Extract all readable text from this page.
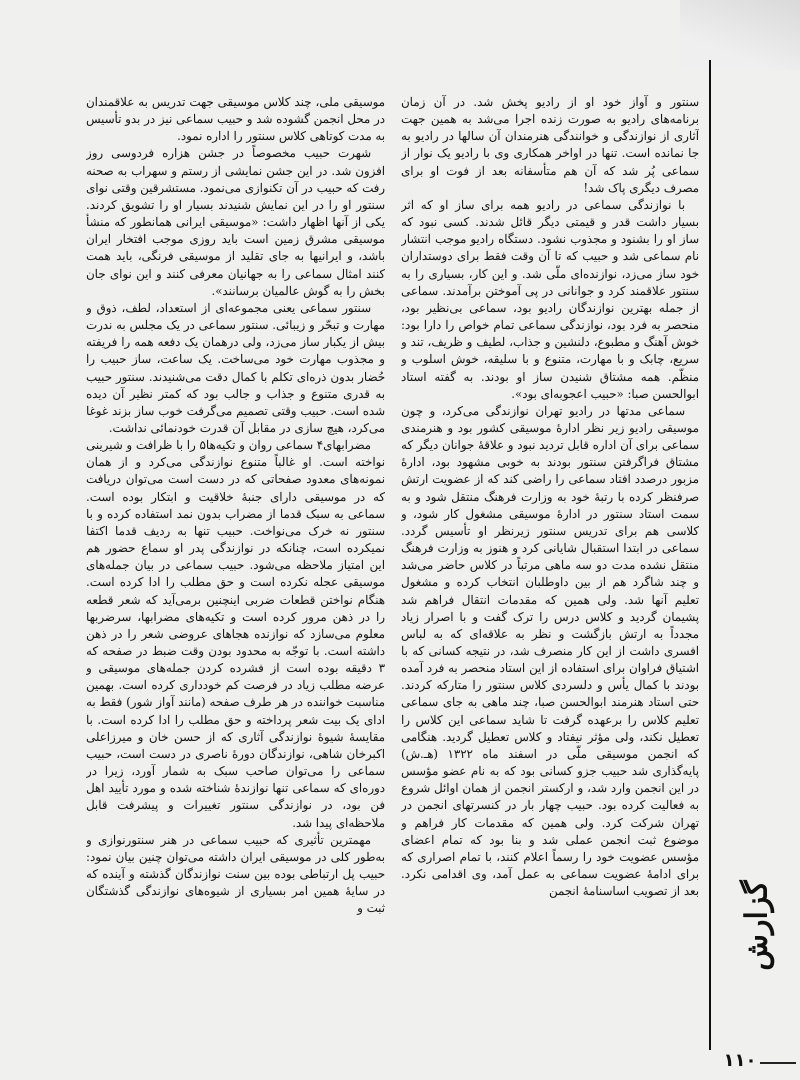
سنتور و آواز خود او از رادیو پخش شد. در آن زمان برنامه‌های رادیو به صورت زنده اجرا می‌شد به همین جهت آثاری از نوازندگی و خوانندگی هنرمندان آن سالها در رادیو به جا نمانده است. تنها در اواخر همکاری وی با رادیو یک نوار از سماعی پُر شد که آن هم متأسفانه بعد از فوت او برای مصرف دیگری پاک شد!

با نوازندگی سماعی در رادیو همه برای ساز او که اثر بسیار داشت قدر و قیمتی دیگر قائل شدند. کسی نبود که ساز او را بشنود و مجذوب نشود. دستگاه رادیو موجب انتشار نام سماعی شد و حبیب که تا آن وقت فقط برای دوستداران خود ساز می‌زد، نوازنده‌ای ملّی شد. و این کار، بسیاری را به سنتور علاقمند کرد و جوانانی در پی آموختن برآمدند. سماعی از جمله بهترین نوازندگان رادیو بود، سماعی بی‌نظیر بود، منحصر به فرد بود، نوازندگی سماعی تمام خواص را دارا بود: خوش آهنگ و مطبوع، دلنشین و جذاب، لطیف و ظریف، تند و سریع، چابک و با مهارت، متنوع و با سلیقه، خوش اسلوب و منظّم. همه مشتاق شنیدن ساز او بودند. به گفته استاد ابوالحسن صبا: «حبیب اعجوبه‌ای بود».

سماعی مدتها در رادیو تهران نوازندگی می‌کرد، و چون موسیقی رادیو زیر نظر ادارهٔ موسیقی کشور بود و هنرمندی سماعی برای آن اداره قابل تردید نبود و علاقهٔ جوانان دیگر که مشتاق فراگرفتن سنتور بودند به خوبی مشهود بود، ادارهٔ مزبور درصدد افتاد سماعی را راضی کند که از عضویت ارتش صرفنظر کرده با رتبهٔ خود به وزارت فرهنگ منتقل شود و به سمت استاد سنتور در ادارهٔ موسیقی مشغول کار شود، و کلاسی هم برای تدریس سنتور زیرنظر او تأسیس گردد. سماعی در ابتدا استقبال شایانی کرد و هنوز به وزارت فرهنگ منتقل نشده مدت دو سه ماهی مرتباً در کلاس حاضر می‌شد و چند شاگرد هم از بین داوطلبان انتخاب کرده و مشغول تعلیم آنها شد. ولی همین که مقدمات انتقال فراهم شد پشیمان گردید و کلاس درس را ترک گفت و با اصرار زیاد مجدداً به ارتش بازگشت و نظر به علاقه‌ای که به لباس افسری داشت از این کار منصرف شد، در نتیجه کسانی که با اشتیاق فراوان برای استفاده از این استاد منحصر به فرد آمده بودند با کمال یأس و دلسردی کلاس سنتور را متارکه کردند. حتی استاد هنرمند ابوالحسن صبا، چند ماهی به جای سماعی تعلیم کلاس را برعهده گرفت تا شاید سماعی این کلاس را تعطیل نکند، ولی مؤثر نیفتاد و کلاس تعطیل گردید. هنگامی که انجمن موسیقی ملّی در اسفند ماه ۱۳۲۲ (هـ.ش) پایه‌گذاری شد حبیب جزو کسانی بود که به نام عضو مؤسس در این انجمن وارد شد، و ارکستر انجمن از همان اوائل شروع به فعالیت کرده بود. حبیب چهار بار در کنسرتهای انجمن در تهران شرکت کرد. ولی همین که مقدمات کار فراهم و موضوع ثبت انجمن عملی شد و بنا بود که تمام اعضای مؤسس عضویت خود را رسماً اعلام کنند، با تمام اصراری که برای ادامهٔ عضویت سماعی به عمل آمد، وی اقدامی نکرد. بعد از تصویب اساسنامهٔ انجمن

موسیقی ملی، چند کلاس موسیقی جهت تدریس به علاقمندان در محل انجمن گشوده شد و حبیب سماعی نیز در بدو تأسیس به مدت کوتاهی کلاس سنتور را اداره نمود.

شهرت حبیب مخصوصاً در جشن هزاره فردوسی روز افزون شد. در این جشن نمایشی از رستم و سهراب به صحنه رفت که حبیب در آن تکنوازی می‌نمود. مستشرقین وقتی نوای سنتور او را در این نمایش شنیدند بسیار او را تشویق کردند. یکی از آنها اظهار داشت: «موسیقی ایرانی همانطور که منشأ موسیقی مشرق زمین است باید روزی موجب افتخار ایران باشد، و ایرانیها به جای تقلید از موسیقی فرنگی، باید همت کنند امثال سماعی را به جهانیان معرفی کنند و این نوای جان بخش را به گوش عالمیان برسانند».

سنتور سماعی یعنی مجموعه‌ای از استعداد، لطف، ذوق و مهارت و تبحّر و زیبائی. سنتور سماعی در یک مجلس به ندرت بیش از یکبار ساز می‌زد، ولی درهمان یک دفعه همه را فریفته و مجذوب مهارت خود می‌ساخت. یک ساعت، ساز حبیب را حُضار بدون ذره‌ای تکلم با کمال دقت می‌شنیدند. سنتور حبیب به قدری متنوع و جذاب و جالب بود که کمتر نظیر آن دیده شده است. حبیب وقتی تصمیم می‌گرفت خوب ساز بزند غوغا می‌کرد، هیچ سازی در مقابل آن قدرت خودنمائی نداشت.

مضرابهای۴ سماعی روان و تکیه‌ها۵ را با ظرافت و شیرینی نواخته است. او غالباً متنوع نوازندگی می‌کرد و از همان نمونه‌های معدود صفحاتی که در دست است می‌توان دریافت که در موسیقی دارای جنبهٔ خلاقیت و ابتکار بوده است. سماعی به سبک قدما از مضراب بدون نمد استفاده کرده و با سنتور نه خرک می‌نواخت. حبیب تنها به ردیف قدما اکتفا نمیکرده است، چنانکه در نوازندگی پدر او سماع حضور هم این امتیاز ملاحظه می‌شود. حبیب سماعی در بیان جمله‌های موسیقی عجله نکرده است و حق مطلب را ادا کرده است. هنگام نواختن قطعات ضربی اینچنین برمی‌آید که شعر قطعه را در ذهن مرور کرده است و تکیه‌های مضرابها، سرضربها معلوم می‌سازد که نوازنده هجاهای عروضی شعر را در ذهن داشته است. با توجّه به محدود بودن وقت ضبط در صفحه که ۳ دقیقه بوده است از فشرده کردن جمله‌های موسیقی و عرضه مطلب زیاد در فرصت کم خودداری کرده است. بهمین مناسبت خواننده در هر طرف صفحه (مانند آواز شور) فقط به ادای یک بیت شعر پرداخته و حق مطلب را ادا کرده است. با مقایسهٔ شیوهٔ نوازندگی آثاری که از حسن خان و میرزاعلی اکبرخان شاهی، نوازندگان دورهٔ ناصری در دست است، حبیب سماعی را می‌توان صاحب سبک به شمار آورد، زیرا در دوره‌ای که سماعی تنها نوازندهٔ شناخته شده و مورد تأیید اهل فن بود، در نوازندگی سنتور تغییرات و پیشرفت قابل ملاحظه‌ای پیدا شد.

مهمترین تأثیری که حبیب سماعی در هنر سنتورنوازی و به‌طور کلی در موسیقی ایران داشته می‌توان چنین بیان نمود: حبیب پل ارتباطی بوده بین سنت نوازندگان گذشته و آینده که در سایهٔ همین امر بسیاری از شیوه‌های نوازندگی گذشتگان ثبت و	گزارش
۱۱۰
